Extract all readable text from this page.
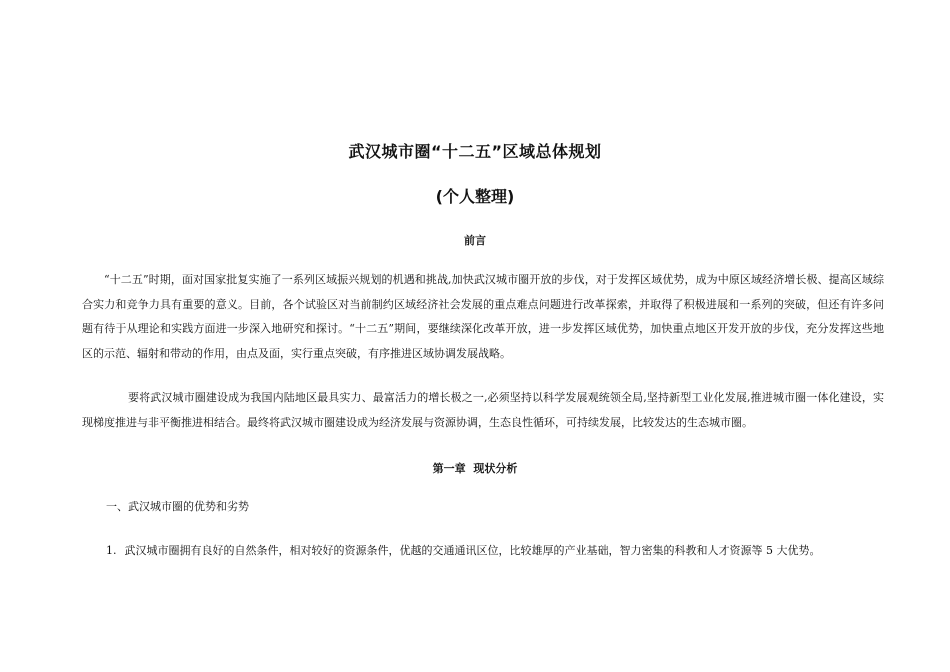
武汉城市圈“十二五”区域总体规划
(个人整理)
前言

“十二五”时期，面对国家批复实施了一系列区域振兴规划的机遇和挑战,加快武汉城市圈开放的步伐，对于发挥区域优势，成为中原区域经济增长极、提高区域综合实力和竞争力具有重要的意义。目前，各个试验区对当前制约区域经济社会发展的重点难点问题进行改革探索，并取得了积极进展和一系列的突破，但还有许多问题有待于从理论和实践方面进一步深入地研究和探讨。“十二五”期间，要继续深化改革开放，进一步发挥区域优势，加快重点地区开发开放的步伐，充分发挥这些地区的示范、辐射和带动的作用，由点及面，实行重点突破，有序推进区域协调发展战略。

要将武汉城市圈建设成为我国内陆地区最具实力、最富活力的增长极之一,必须坚持以科学发展观统领全局,坚持新型工业化发展,推进城市圈一体化建设，实现梯度推进与非平衡推进相结合。最终将武汉城市圈建设成为经济发展与资源协调，生态良性循环，可持续发展，比较发达的生态城市圈。

第一章 现状分析
一、武汉城市圈的优势和劣势
1. 武汉城市圈拥有良好的自然条件，相对较好的资源条件，优越的交通通讯区位，比较雄厚的产业基础，智力密集的科教和人才资源等 5 大优势。
